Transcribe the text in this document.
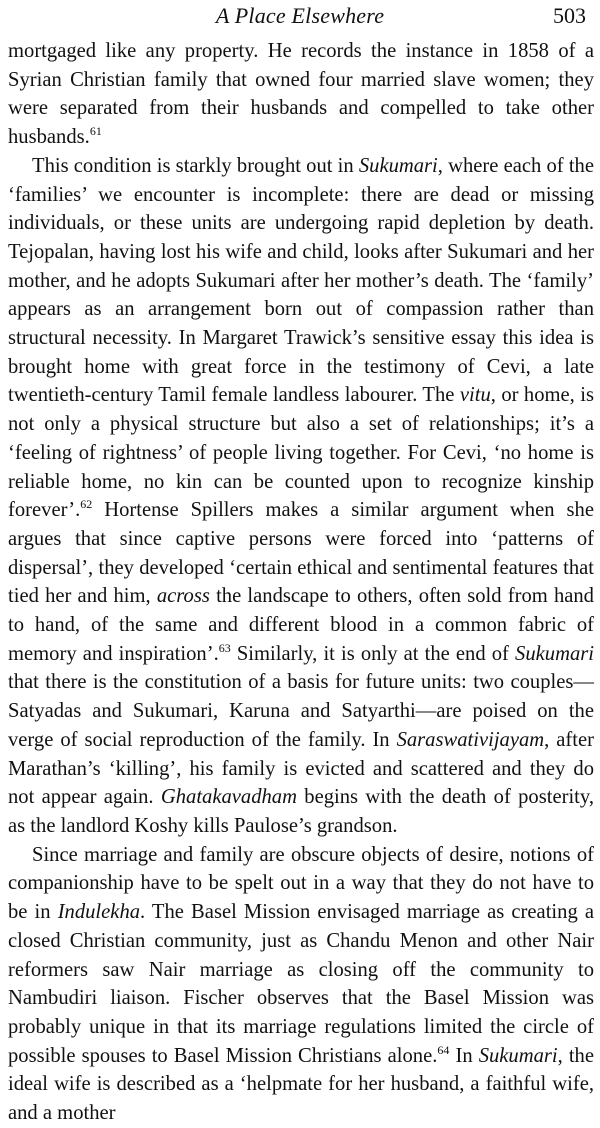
A Place Elsewhere	503

mortgaged like any property. He records the instance in 1858 of a Syrian Christian family that owned four married slave women; they were separated from their husbands and compelled to take other husbands.$^{61}$

This condition is starkly brought out in Sukumari, where each of the ‘families’ we encounter is incomplete: there are dead or missing individuals, or these units are undergoing rapid depletion by death. Tejopalan, having lost his wife and child, looks after Sukumari and her mother, and he adopts Sukumari after her mother’s death. The ‘family’ appears as an arrangement born out of compassion rather than structural necessity. In Margaret Trawick’s sensitive essay this idea is brought home with great force in the testimony of Cevi, a late twentieth-century Tamil female landless labourer. The vitu, or home, is not only a physical structure but also a set of relationships; it’s a ‘feeling of rightness’ of people living together. For Cevi, ‘no home is reliable home, no kin can be counted upon to recognize kinship forever’.$^{62}$ Hortense Spillers makes a similar argument when she argues that since captive persons were forced into ‘patterns of dispersal’, they developed ‘certain ethical and sentimental features that tied her and him, across the landscape to others, often sold from hand to hand, of the same and different blood in a common fabric of memory and inspiration’.$^{63}$ Similarly, it is only at the end of Sukumari that there is the constitution of a basis for future units: two couples—Satyadas and Sukumari, Karuna and Satyarthi—are poised on the verge of social reproduction of the family. In Saraswativijayam, after Marathan’s ‘killing’, his family is evicted and scattered and they do not appear again. Ghatakavadham begins with the death of posterity, as the landlord Koshy kills Paulose’s grandson.

Since marriage and family are obscure objects of desire, notions of companionship have to be spelt out in a way that they do not have to be in Indulekha. The Basel Mission envisaged marriage as creating a closed Christian community, just as Chandu Menon and other Nair reformers saw Nair marriage as closing off the community to Nambudiri liaison. Fischer observes that the Basel Mission was probably unique in that its marriage regulations limited the circle of possible spouses to Basel Mission Christians alone.$^{64}$ In Sukumari, the ideal wife is described as a ‘helpmate for her husband, a faithful wife, and a mother
